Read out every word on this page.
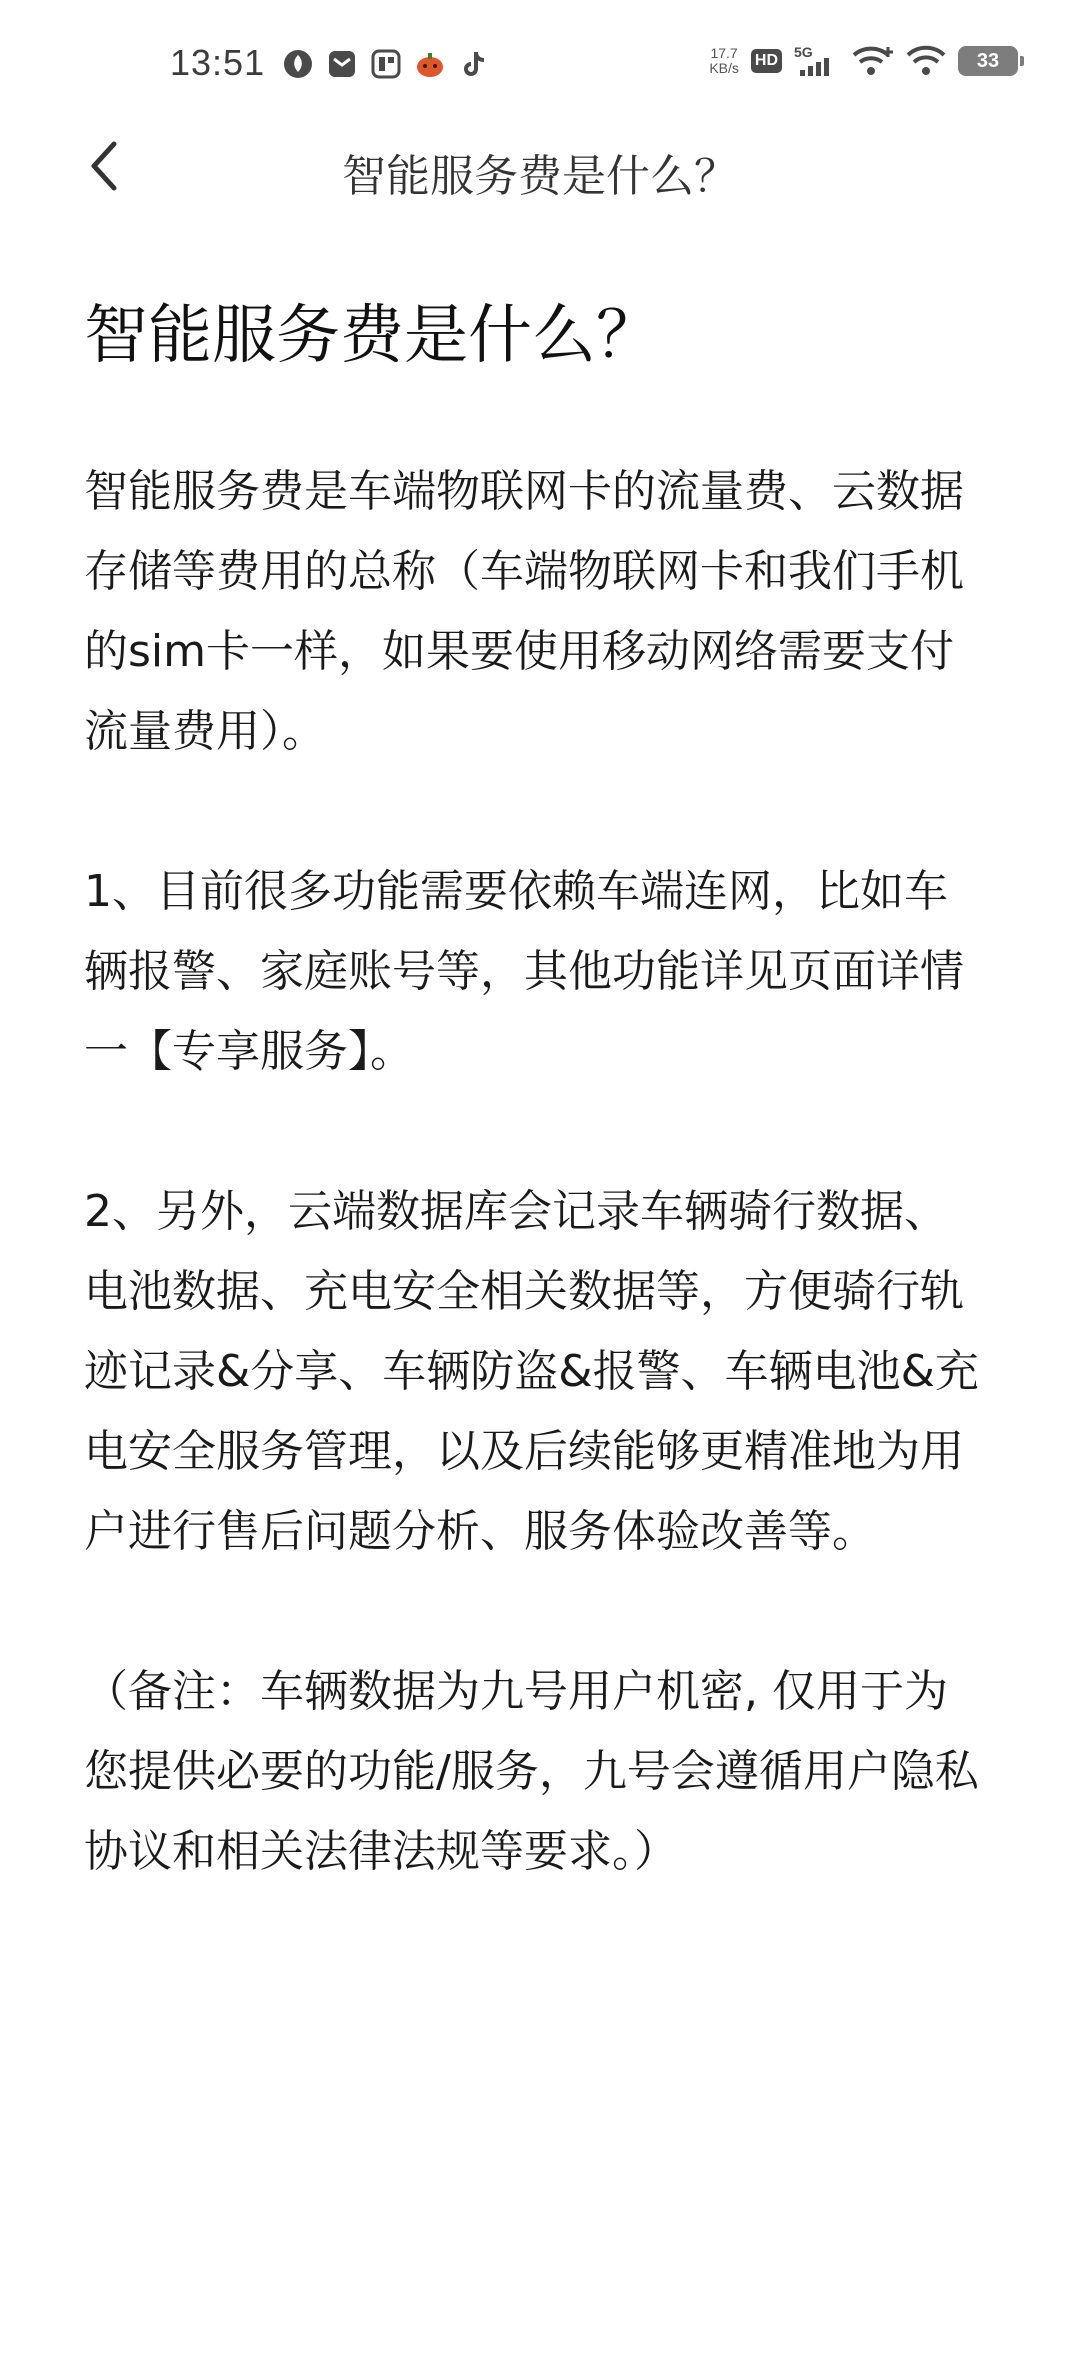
13:51	17.7
KB/s HD 5G	33
智能服务费是什么？
智能服务费是什么？

智能服务费是车端物联网卡的流量费、云数据存储等费用的总称（车端物联网卡和我们手机的sim卡一样，如果要使用移动网络需要支付流量费用）。

1、目前很多功能需要依赖车端连网，比如车辆报警、家庭账号等，其他功能详见页面详情一【专享服务】。

2、另外，云端数据库会记录车辆骑行数据、电池数据、充电安全相关数据等，方便骑行轨迹记录&分享、车辆防盗&报警、车辆电池&充电安全服务管理，以及后续能够更精准地为用户进行售后问题分析、服务体验改善等。

（备注：车辆数据为九号用户机密, 仅用于为您提供必要的功能/服务，九号会遵循用户隐私协议和相关法律法规等要求。）
